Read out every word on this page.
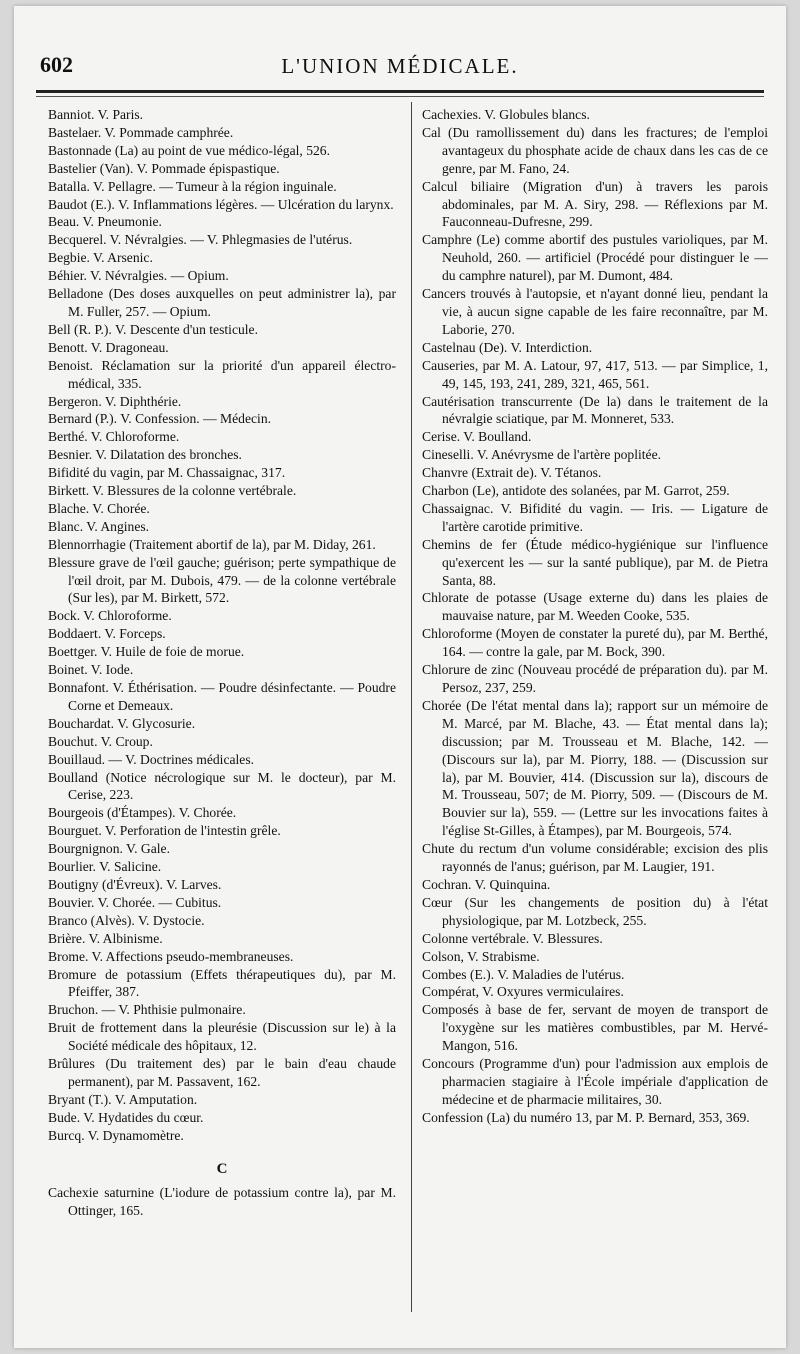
602	L'UNION MÉDICALE.

Banniot. V. Paris.

Bastelaer. V. Pommade camphrée.

Bastonnade (La) au point de vue médico-légal, 526.

Bastelier (Van). V. Pommade épispastique.

Batalla. V. Pellagre. — Tumeur à la région inguinale.

Baudot (E.). V. Inflammations légères. — Ulcération du larynx.

Beau. V. Pneumonie.

Becquerel. V. Névralgies. — V. Phlegmasies de l'utérus.

Begbie. V. Arsenic.

Béhier. V. Névralgies. — Opium.

Belladone (Des doses auxquelles on peut administrer la), par M. Fuller, 257. — Opium.

Bell (R. P.). V. Descente d'un testicule.

Benott. V. Dragoneau.

Benoist. Réclamation sur la priorité d'un appareil électro-médical, 335.

Bergeron. V. Diphthérie.

Bernard (P.). V. Confession. — Médecin.

Berthé. V. Chloroforme.

Besnier. V. Dilatation des bronches.

Bifidité du vagin, par M. Chassaignac, 317.

Birkett. V. Blessures de la colonne vertébrale.

Blache. V. Chorée.

Blanc. V. Angines.

Blennorrhagie (Traitement abortif de la), par M. Diday, 261.

Blessure grave de l'œil gauche; guérison; perte sympathique de l'œil droit, par M. Dubois, 479. — de la colonne vertébrale (Sur les), par M. Birkett, 572.

Bock. V. Chloroforme.

Boddaert. V. Forceps.

Boettger. V. Huile de foie de morue.

Boinet. V. Iode.

Bonnafont. V. Éthérisation. — Poudre désinfectante. — Poudre Corne et Demeaux.

Bouchardat. V. Glycosurie.

Bouchut. V. Croup.

Bouillaud. — V. Doctrines médicales.

Boulland (Notice nécrologique sur M. le docteur), par M. Cerise, 223.

Bourgeois (d'Étampes). V. Chorée.

Bourguet. V. Perforation de l'intestin grêle.

Bourgnignon. V. Gale.

Bourlier. V. Salicine.

Boutigny (d'Évreux). V. Larves.

Bouvier. V. Chorée. — Cubitus.

Branco (Alvès). V. Dystocie.

Brière. V. Albinisme.

Brome. V. Affections pseudo-membraneuses.

Bromure de potassium (Effets thérapeutiques du), par M. Pfeiffer, 387.

Bruchon. — V. Phthisie pulmonaire.

Bruit de frottement dans la pleurésie (Discussion sur le) à la Société médicale des hôpitaux, 12.

Brûlures (Du traitement des) par le bain d'eau chaude permanent), par M. Passavent, 162.

Bryant (T.). V. Amputation.

Bude. V. Hydatides du cœur.

Burcq. V. Dynamomètre.

C

Cachexie saturnine (L'iodure de potassium contre la), par M. Ottinger, 165.

Cachexies. V. Globules blancs.

Cal (Du ramollissement du) dans les fractures; de l'emploi avantageux du phosphate acide de chaux dans les cas de ce genre, par M. Fano, 24.

Calcul biliaire (Migration d'un) à travers les parois abdominales, par M. A. Siry, 298. — Réflexions par M. Fauconneau-Dufresne, 299.

Camphre (Le) comme abortif des pustules varioliques, par M. Neuhold, 260. — artificiel (Procédé pour distinguer le — du camphre naturel), par M. Dumont, 484.

Cancers trouvés à l'autopsie, et n'ayant donné lieu, pendant la vie, à aucun signe capable de les faire reconnaître, par M. Laborie, 270.

Castelnau (De). V. Interdiction.

Causeries, par M. A. Latour, 97, 417, 513. — par Simplice, 1, 49, 145, 193, 241, 289, 321, 465, 561.

Cautérisation transcurrente (De la) dans le traitement de la névralgie sciatique, par M. Monneret, 533.

Cerise. V. Boulland.

Cineselli. V. Anévrysme de l'artère poplitée.

Chanvre (Extrait de). V. Tétanos.

Charbon (Le), antidote des solanées, par M. Garrot, 259.

Chassaignac. V. Bifidité du vagin. — Iris. — Ligature de l'artère carotide primitive.

Chemins de fer (Étude médico-hygiénique sur l'influence qu'exercent les — sur la santé publique), par M. de Pietra Santa, 88.

Chlorate de potasse (Usage externe du) dans les plaies de mauvaise nature, par M. Weeden Cooke, 535.

Chloroforme (Moyen de constater la pureté du), par M. Berthé, 164. — contre la gale, par M. Bock, 390.

Chlorure de zinc (Nouveau procédé de préparation du). par M. Persoz, 237, 259.

Chorée (De l'état mental dans la); rapport sur un mémoire de M. Marcé, par M. Blache, 43. — État mental dans la); discussion; par M. Trousseau et M. Blache, 142. — (Discours sur la), par M. Piorry, 188. — (Discussion sur la), par M. Bouvier, 414. (Discussion sur la), discours de M. Trousseau, 507; de M. Piorry, 509. — (Discours de M. Bouvier sur la), 559. — (Lettre sur les invocations faites à l'église St-Gilles, à Étampes), par M. Bourgeois, 574.

Chute du rectum d'un volume considérable; excision des plis rayonnés de l'anus; guérison, par M. Laugier, 191.

Cochran. V. Quinquina.

Cœur (Sur les changements de position du) à l'état physiologique, par M. Lotzbeck, 255.

Colonne vertébrale. V. Blessures.

Colson, V. Strabisme.

Combes (E.). V. Maladies de l'utérus.

Compérat, V. Oxyures vermiculaires.

Composés à base de fer, servant de moyen de transport de l'oxygène sur les matières combustibles, par M. Hervé-Mangon, 516.

Concours (Programme d'un) pour l'admission aux emplois de pharmacien stagiaire à l'École impériale d'application de médecine et de pharmacie militaires, 30.

Confession (La) du numéro 13, par M. P. Bernard, 353, 369.
